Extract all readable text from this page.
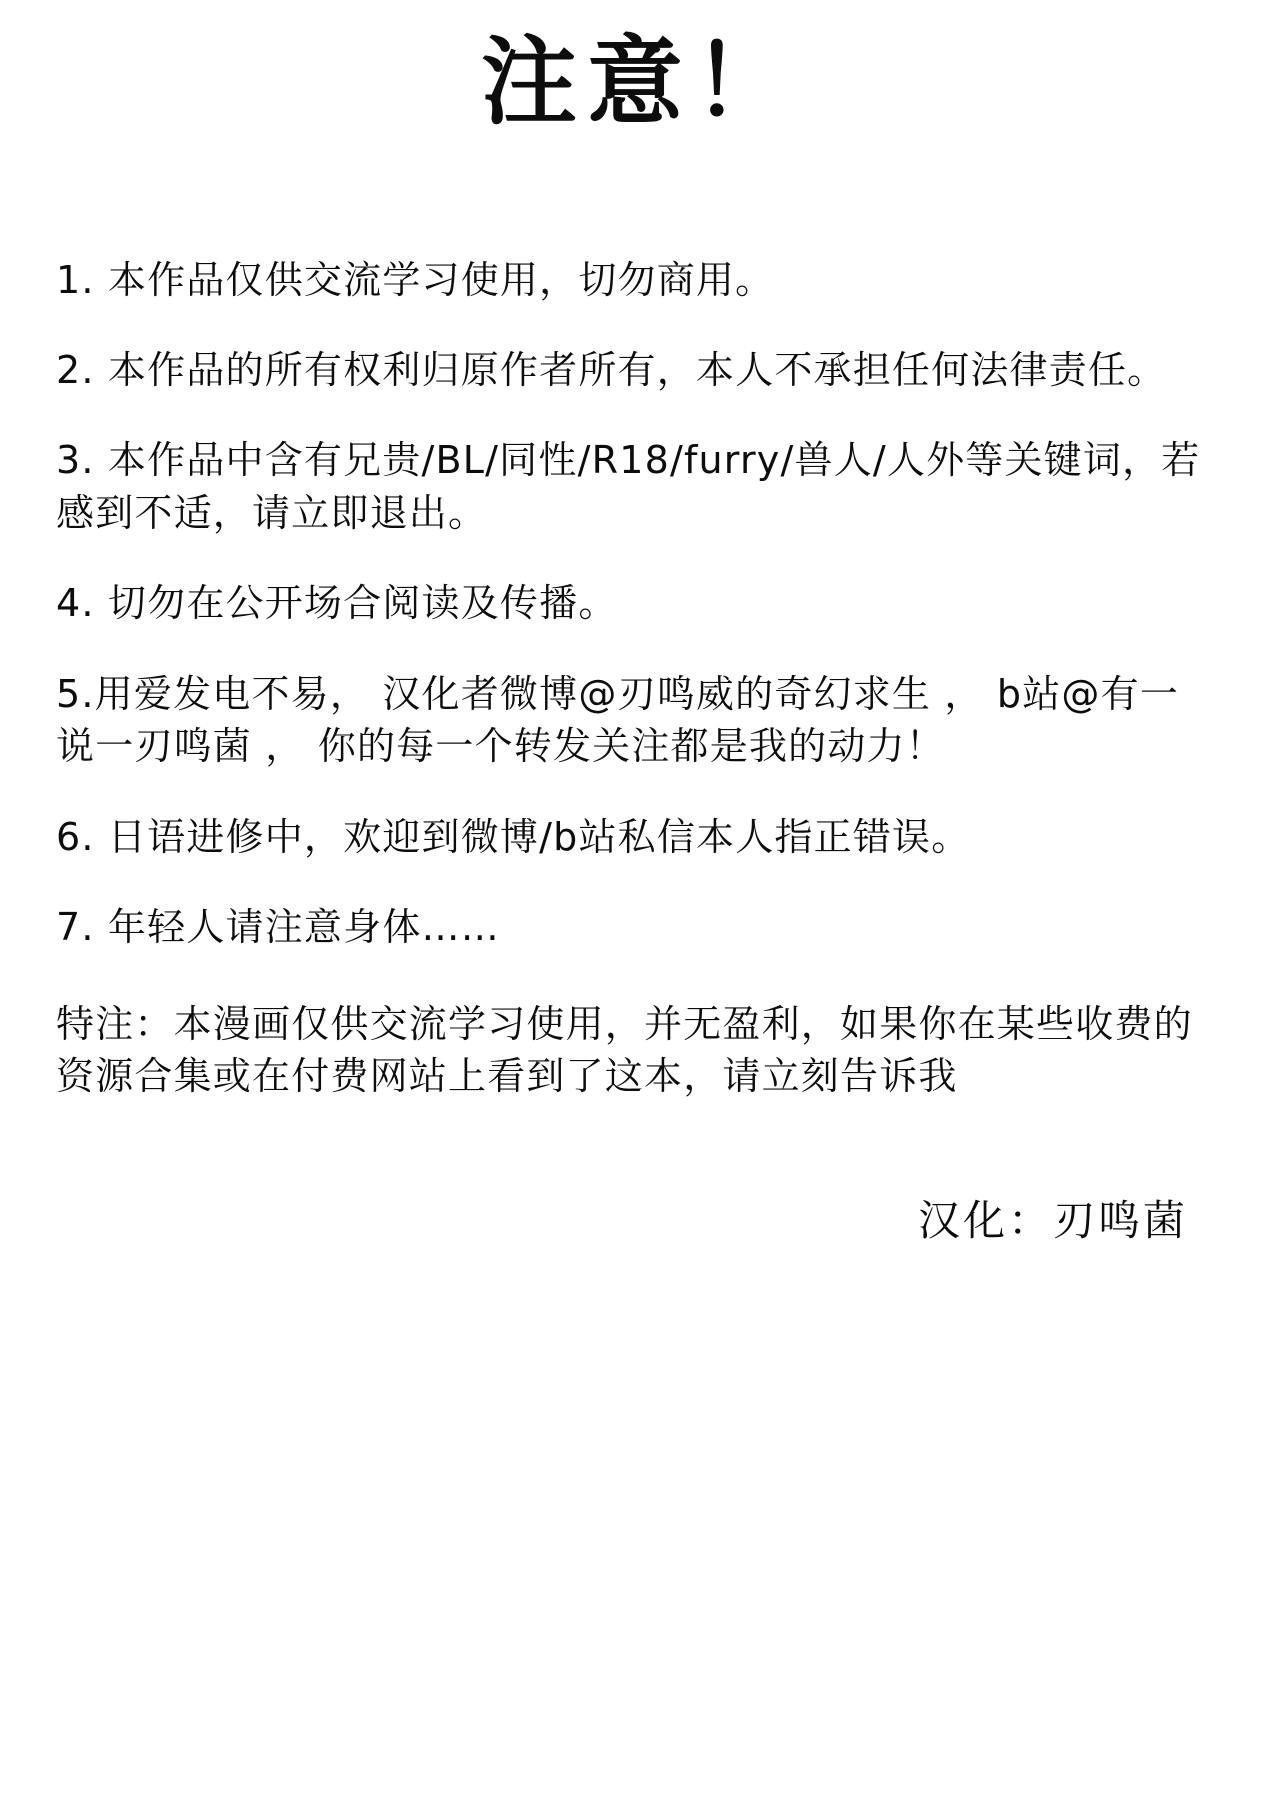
注意！

1. 本作品仅供交流学习使用，切勿商用。

2. 本作品的所有权利归原作者所有，本人不承担任何法律责任。

3. 本作品中含有兄贵/BL/同性/R18/furry/兽人/人外等关键词，若感到不适，请立即退出。

4. 切勿在公开场合阅读及传播。

5.用爱发电不易， 汉化者微博@刃鸣威的奇幻求生 ， b站@有一说一刃鸣菌 ， 你的每一个转发关注都是我的动力！

6. 日语进修中，欢迎到微博/b站私信本人指正错误。

7. 年轻人请注意身体……

特注：本漫画仅供交流学习使用，并无盈利，如果你在某些收费的资源合集或在付费网站上看到了这本，请立刻告诉我

汉化：刃鸣菌
